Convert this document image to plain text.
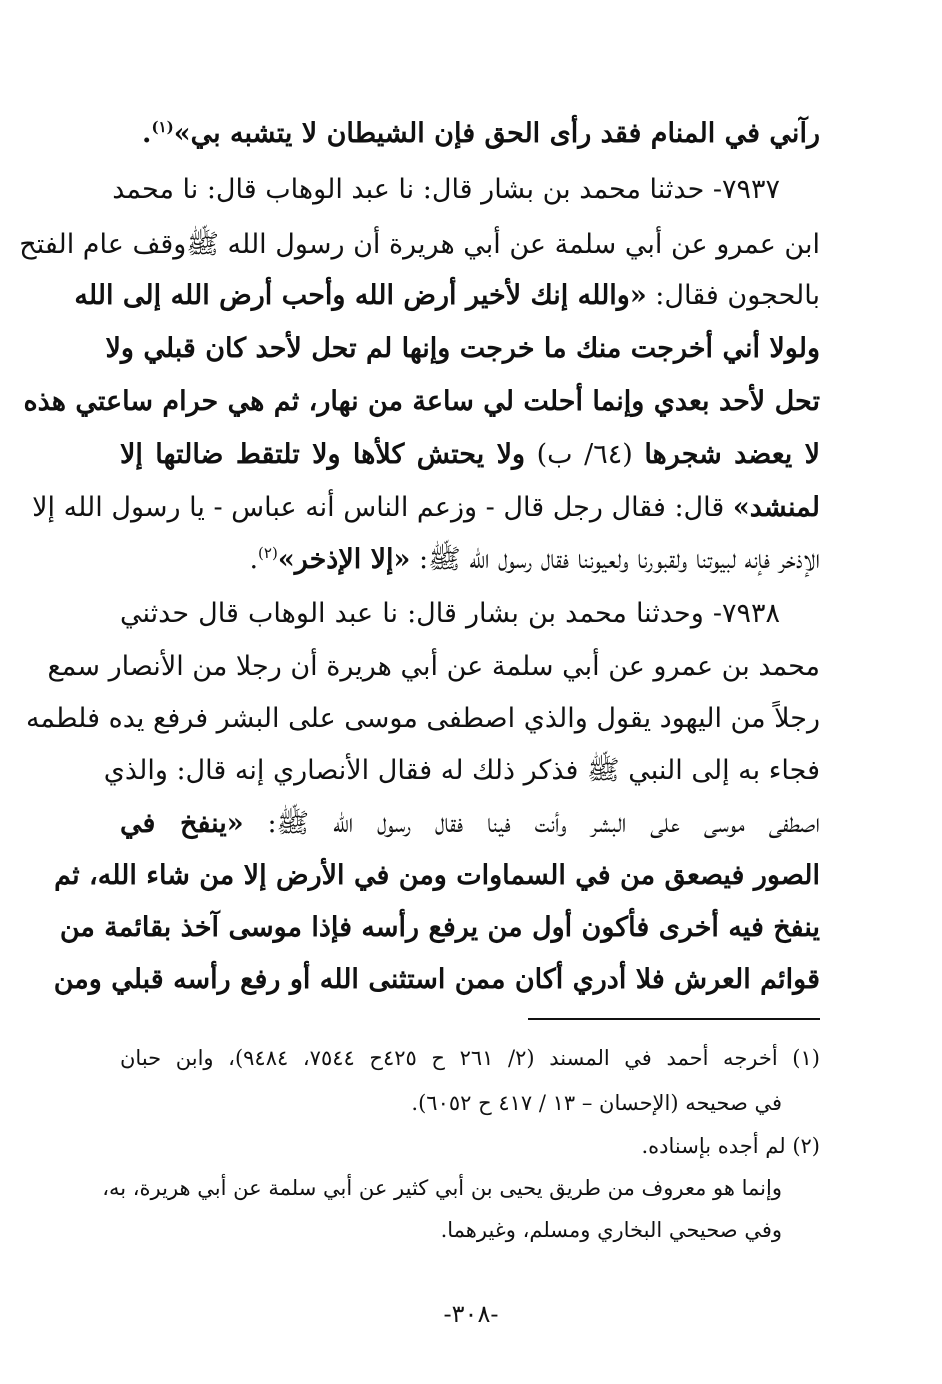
رآني في المنام فقد رأى الحق فإن الشيطان لا يتشبه بي»$^{(١)}$.
٧٩٣٧- حدثنا محمد بن بشار قال: نا عبد الوهاب قال: نا محمد
ابن عمرو عن أبي سلمة عن أبي هريرة أن رسول الله ﷺوقف عام الفتح
بالحجون فقال: «والله إنك لأخير أرض الله وأحب أرض الله إلى الله
ولولا أني أخرجت منك ما خرجت وإنها لم تحل لأحد كان قبلي ولا
تحل لأحد بعدي وإنما أحلت لي ساعة من نهار، ثم هي حرام ساعتي هذه
لا يعضد شجرها (٦٤/ ب) ولا يحتش كلأها ولا تلتقط ضالتها إلا
لمنشد» قال: فقال رجل قال - وزعم الناس أنه عباس - يا رسول الله إلا
الإذخر فإنه لبيوتنا ولقبورنا ولعيوننا فقال رسول الله ﷺ: «إلا الإذخر»$^{(٢)}$.
٧٩٣٨- وحدثنا محمد بن بشار قال: نا عبد الوهاب قال حدثني
محمد بن عمرو عن أبي سلمة عن أبي هريرة أن رجلا من الأنصار سمع
رجلاً من اليهود يقول والذي اصطفى موسى على البشر فرفع يده فلطمه
فجاء به إلى النبي ﷺ فذكر ذلك له فقال الأنصاري إنه قال: والذي
اصطفى موسى على البشر وأنت فينا فقال رسول الله ﷺ: «ينفخ في
الصور فيصعق من في السماوات ومن في الأرض إلا من شاء الله، ثم
ينفخ فيه أخرى فأكون أول من يرفع رأسه فإذا موسى آخذ بقائمة من
قوائم العرش فلا أدري أكان ممن استثنى الله أو رفع رأسه قبلي ومن
(١) أخرجه أحمد في المسند (٢/ ٢٦١ ح ٤٢٥ح ٧٥٤٤، ٩٤٨٤)، وابن حبان
في صحيحه (الإحسان – ١٣ / ٤١٧ ح ٦٠٥٢).
(٢) لم أجده بإسناده.
وإنما هو معروف من طريق يحيى بن أبي كثير عن أبي سلمة عن أبي هريرة، به،
وفي صحيحي البخاري ومسلم، وغيرهما.
-٣٠٨-
